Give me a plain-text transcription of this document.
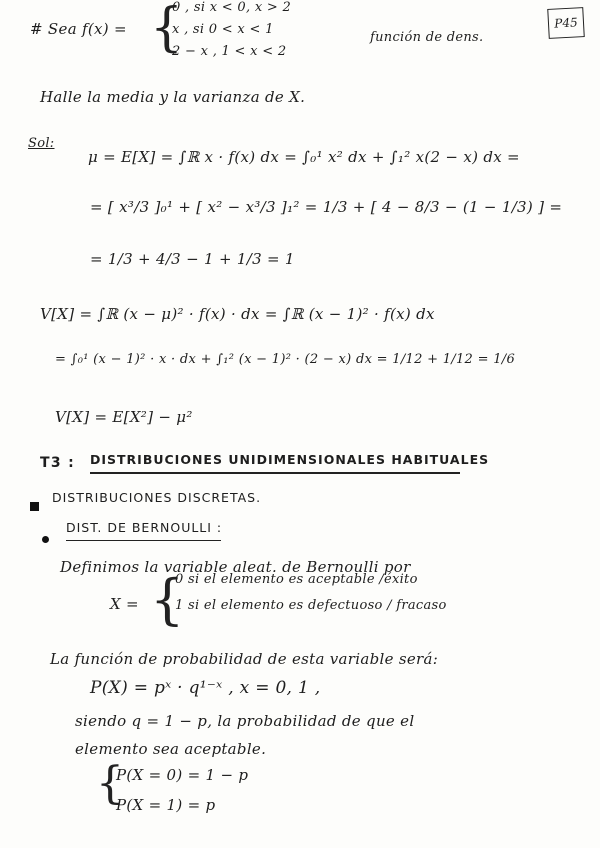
P45
# Sea f(x) = {
0 , si x < 0, x > 2
x , si 0 < x < 1
2 − x , 1 < x < 2
función de dens.
Halle la media y la varianza de X.
Sol:
μ = E[X] = ∫ℝ x · f(x) dx = ∫₀¹ x² dx + ∫₁² x(2 − x) dx =
= [ x³/3 ]₀¹ + [ x² − x³/3 ]₁² = 1/3 + [ 4 − 8/3 − (1 − 1/3) ] =
= 1/3 + 4/3 − 1 + 1/3 = 1
V[X] = ∫ℝ (x − μ)² · f(x) · dx = ∫ℝ (x − 1)² · f(x) dx
= ∫₀¹ (x − 1)² · x · dx + ∫₁² (x − 1)² · (2 − x) dx = 1/12 + 1/12 = 1/6
V[X] = E[X²] − μ²
T3 : DISTRIBUCIONES UNIDIMENSIONALES HABITUALES
DISTRIBUCIONES DISCRETAS.
DIST. DE BERNOULLI :
Definimos la variable aleat. de Bernoulli por
X = {
0 si el elemento es aceptable /éxito
1 si el elemento es defectuoso / fracaso
La función de probabilidad de esta variable será:
P(X) = pˣ · q¹⁻ˣ , x = 0, 1 ,
siendo q = 1 − p, la probabilidad de que el
elemento sea aceptable.
{
P(X = 0) = 1 − p
P(X = 1) = p
